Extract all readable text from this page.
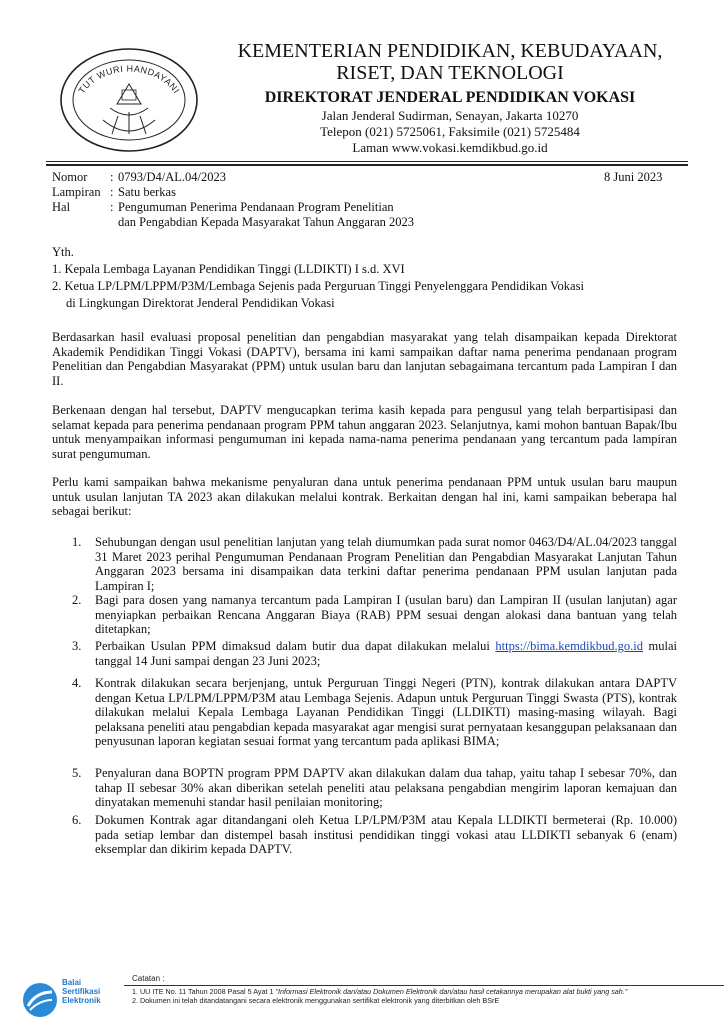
TUT WURI HANDAYANI
KEMENTERIAN PENDIDIKAN, KEBUDAYAAN,
RISET, DAN TEKNOLOGI
DIREKTORAT JENDERAL PENDIDIKAN VOKASI
Jalan Jenderal Sudirman, Senayan, Jakarta 10270
Telepon (021) 5725061, Faksimile (021) 5725484
Laman www.vokasi.kemdikbud.go.id
Nomor : 0793/D4/AL.04/2023	8 Juni 2023
Lampiran : Satu berkas
Hal	: Pengumuman Penerima Pendanaan Program Penelitian
dan Pengabdian Kepada Masyarakat Tahun Anggaran 2023
Yth.
1. Kepala Lembaga Layanan Pendidikan Tinggi (LLDIKTI) I s.d. XVI
2. Ketua LP/LPM/LPPM/P3M/Lembaga Sejenis pada Perguruan Tinggi Penyelenggara Pendidikan Vokasi
di Lingkungan Direktorat Jenderal Pendidikan Vokasi
Berdasarkan hasil evaluasi proposal penelitian dan pengabdian masyarakat yang telah disampaikan kepada Direktorat Akademik Pendidikan Tinggi Vokasi (DAPTV), bersama ini kami sampaikan daftar nama penerima pendanaan program Penelitian dan Pengabdian Masyarakat (PPM) untuk usulan baru dan lanjutan sebagaimana tercantum pada Lampiran I dan II.
Berkenaan dengan hal tersebut, DAPTV mengucapkan terima kasih kepada para pengusul yang telah berpartisipasi dan selamat kepada para penerima pendanaan program PPM tahun anggaran 2023. Selanjutnya, kami mohon bantuan Bapak/Ibu untuk menyampaikan informasi pengumuman ini kepada nama-nama penerima pendanaan yang tercantum pada lampiran surat pengumuman.
Perlu kami sampaikan bahwa mekanisme penyaluran dana untuk penerima pendanaan PPM untuk usulan baru maupun untuk usulan lanjutan TA 2023 akan dilakukan melalui kontrak. Berkaitan dengan hal ini, kami sampaikan beberapa hal sebagai berikut:
1. Sehubungan dengan usul penelitian lanjutan yang telah diumumkan pada surat nomor 0463/D4/AL.04/2023 tanggal 31 Maret 2023 perihal Pengumuman Pendanaan Program Penelitian dan Pengabdian Masyarakat Lanjutan Tahun Anggaran 2023 bersama ini disampaikan data terkini daftar penerima pendanaan PPM usulan lanjutan pada Lampiran I;
2. Bagi para dosen yang namanya tercantum pada Lampiran I (usulan baru) dan Lampiran II (usulan lanjutan) agar menyiapkan perbaikan Rencana Anggaran Biaya (RAB) PPM sesuai dengan alokasi dana bantuan yang telah ditetapkan;
3. Perbaikan Usulan PPM dimaksud dalam butir dua dapat dilakukan melalui https://bima.kemdikbud.go.id mulai tanggal 14 Juni sampai dengan 23 Juni 2023;
4. Kontrak dilakukan secara berjenjang, untuk Perguruan Tinggi Negeri (PTN), kontrak dilakukan antara DAPTV dengan Ketua LP/LPM/LPPM/P3M atau Lembaga Sejenis. Adapun untuk Perguruan Tinggi Swasta (PTS), kontrak dilakukan melalui Kepala Lembaga Layanan Pendidikan Tinggi (LLDIKTI) masing-masing wilayah. Bagi pelaksana peneliti atau pengabdian kepada masyarakat agar mengisi surat pernyataan kesanggupan pelaksanaan dan penyusunan laporan kegiatan sesuai format yang tercantum pada aplikasi BIMA;
5. Penyaluran dana BOPTN program PPM DAPTV akan dilakukan dalam dua tahap, yaitu tahap I sebesar 70%, dan tahap II sebesar 30% akan diberikan setelah peneliti atau pelaksana pengabdian mengirim laporan kemajuan dan dinyatakan memenuhi standar hasil penilaian monitoring;
6. Dokumen Kontrak agar ditandangani oleh Ketua LP/LPM/P3M atau Kepala LLDIKTI bermeterai (Rp. 10.000) pada setiap lembar dan distempel basah institusi pendidikan tinggi vokasi atau LLDIKTI sebanyak 6 (enam) eksemplar dan dikirim kepada DAPTV.
Balai
Sertifikasi
Elektronik
Catatan :
1. UU ITE No. 11 Tahun 2008 Pasal 5 Ayat 1 "Informasi Elektronik dan/atau Dokumen Elektronik dan/atau hasil cetakannya merupakan alat bukti yang sah."
2. Dokumen ini telah ditandatangani secara elektronik menggunakan sertifikat elektronik yang diterbitkan oleh BSrE
